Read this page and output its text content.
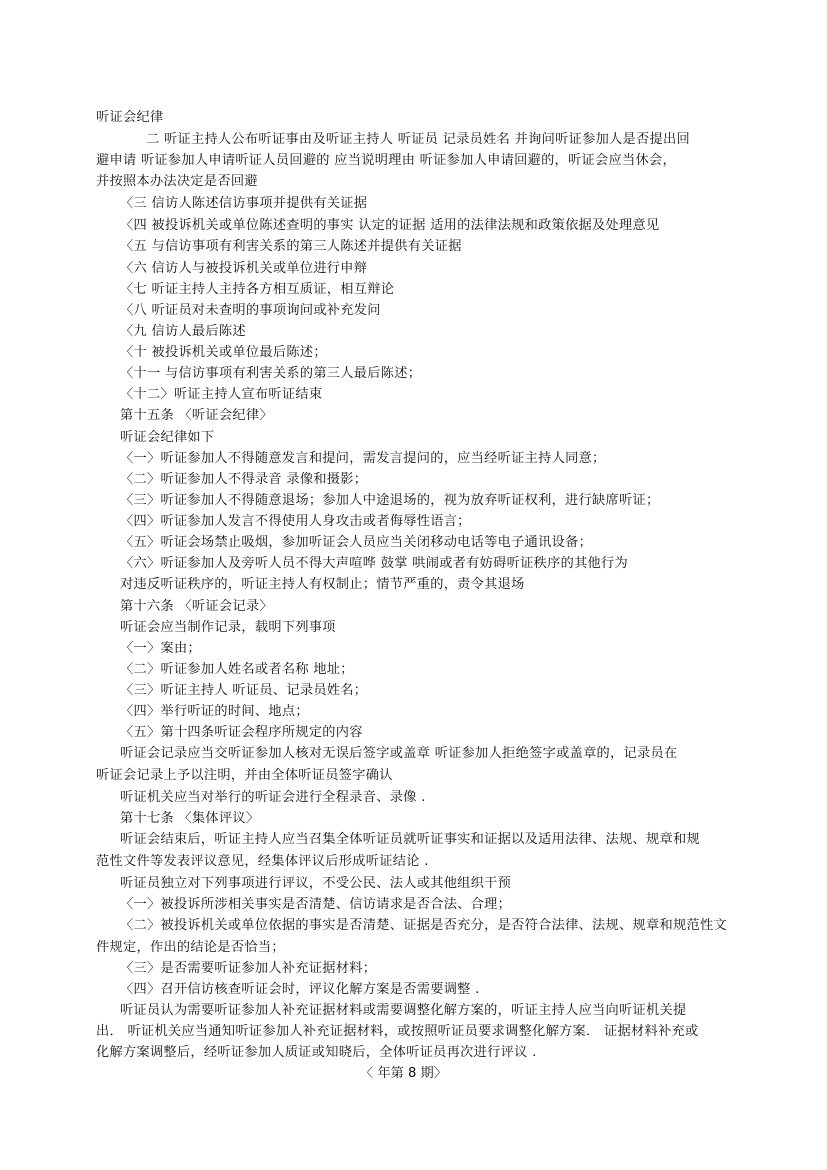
听证会纪律
二 听证主持人公布听证事由及听证主持人 听证员 记录员姓名 并询问听证参加人是否提出回
避申请 听证参加人申请听证人员回避的 应当说明理由 听证参加人申请回避的，听证会应当休会，
并按照本办法决定是否回避
〈三 信访人陈述信访事项并提供有关证据
〈四 被投诉机关或单位陈述查明的事实 认定的证据 适用的法律法规和政策依据及处理意见
〈五 与信访事项有利害关系的第三人陈述并提供有关证据
〈六 信访人与被投诉机关或单位进行申辩
〈七 听证主持人主持各方相互质证，相互辩论
〈八 听证员对未查明的事项询问或补充发问
〈九 信访人最后陈述
〈十 被投诉机关或单位最后陈述；
〈十一 与信访事项有利害关系的第三人最后陈述；
〈十二〉听证主持人宣布听证结束
第十五条 〈听证会纪律〉
听证会纪律如下
〈一〉听证参加人不得随意发言和提问，需发言提问的，应当经听证主持人同意；
〈二〉听证参加人不得录音 录像和摄影；
〈三〉听证参加人不得随意退场；参加人中途退场的，视为放弃听证权利，进行缺席听证；
〈四〉听证参加人发言不得使用人身攻击或者侮辱性语言；
〈五〉听证会场禁止吸烟，参加听证会人员应当关闭移动电话等电子通讯设备；
〈六〉听证参加人及旁听人员不得大声喧哗 鼓掌 哄闹或者有妨碍听证秩序的其他行为
对违反听证秩序的，听证主持人有权制止；情节严重的，责令其退场
第十六条 〈听证会记录〉
听证会应当制作记录，载明下列事项
〈一〉案由；
〈二〉听证参加人姓名或者名称 地址；
〈三〉听证主持人 听证员、记录员姓名；
〈四〉举行听证的时间、地点；
〈五〉第十四条听证会程序所规定的内容
听证会记录应当交听证参加人核对无误后签字或盖章 听证参加人拒绝签字或盖章的，记录员在
听证会记录上予以注明，并由全体听证员签字确认
听证机关应当对举行的听证会进行全程录音、录像 .
第十七条 〈集体评议〉
听证会结束后，听证主持人应当召集全体听证员就听证事实和证据以及适用法律、法规、规章和规
范性文件等发表评议意见，经集体评议后形成听证结论 .
听证员独立对下列事项进行评议，不受公民、法人或其他组织干预
〈一〉被投诉所涉相关事实是否清楚、信访请求是否合法、合理；
〈二〉被投诉机关或单位依据的事实是否清楚、证据是否充分，是否符合法律、法规、规章和规范性文
件规定，作出的结论是否恰当；
〈三〉是否需要听证参加人补充证据材料；
〈四〉召开信访核查听证会时，评议化解方案是否需要调整 .
听证员认为需要听证参加人补充证据材料或需要调整化解方案的，听证主持人应当向听证机关提
出． 听证机关应当通知听证参加人补充证据材料，或按照听证员要求调整化解方案． 证据材料补充或
化解方案调整后，经听证参加人质证或知晓后，全体听证员再次进行评议 .
〈 年第 8 期〉
